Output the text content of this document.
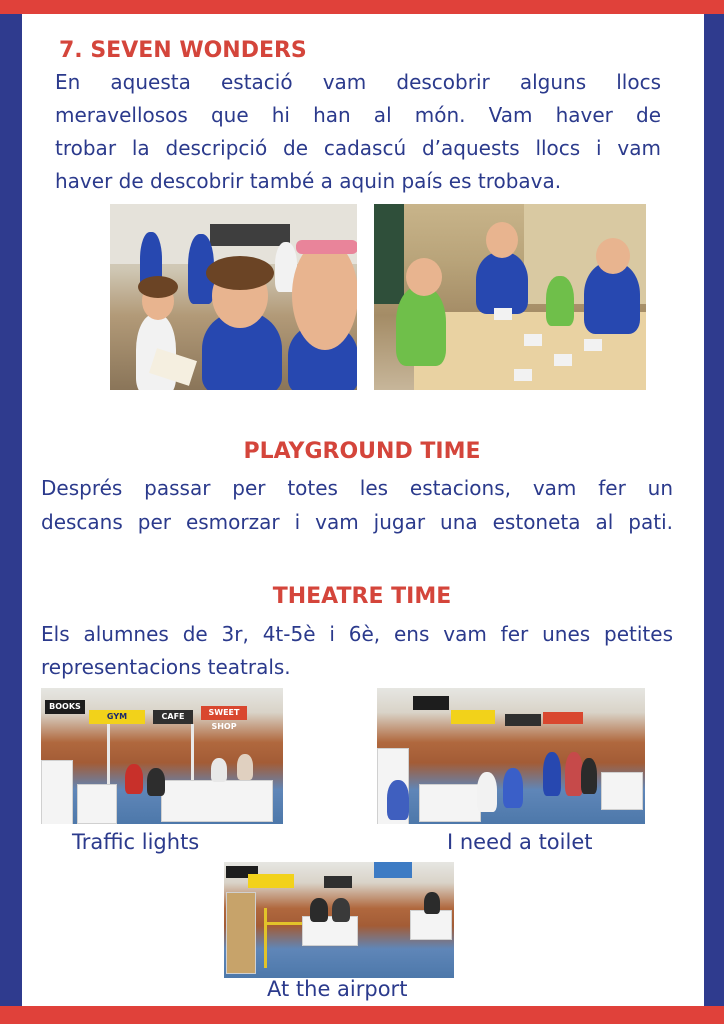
7. SEVEN WONDERS
En aquesta estació vam descobrir alguns llocs
meravellosos que hi han al món. Vam haver de
trobar la descripció de cadascú d’aquests llocs i vam
haver de descobrir també a aquin país es trobava.
PLAYGROUND TIME
Després passar per totes les estacions, vam fer un
descans per esmorzar i vam jugar una estoneta al pati.
THEATRE TIME
Els alumnes de 3r, 4t-5è i 6è, ens vam fer unes petites
representacions teatrals.
BOOKS
GYM	CAFE	SWEET SHOP
Traffic lights	I need a toilet
At the airport
